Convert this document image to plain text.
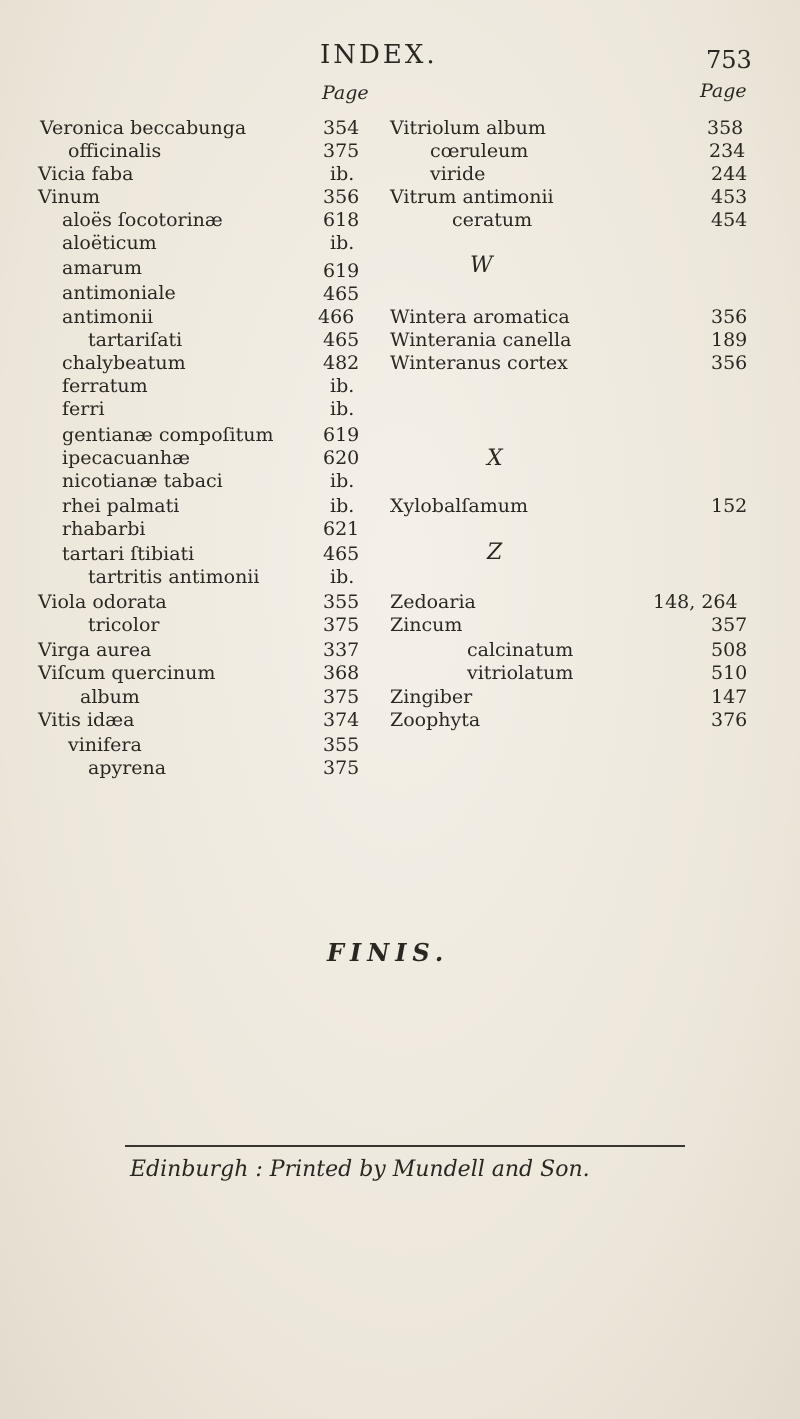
INDEX.	753
Page
Veronica beccabunga	354
officinalis	375
Vicia faba	ib.
Vinum	356
aloës ſocotorinæ	618
aloëticum	ib.
amarum	619
antimoniale	465
antimonii	466
tartariſati	465
chalybeatum	482
ferratum	ib.
ferri	ib.
gentianæ compoſitum	619
ipecacuanhæ	620
nicotianæ tabaci	ib.
rhei palmati	ib.
rhabarbi	621
tartari ſtibiati	465
tartritis antimonii	ib.
Viola odorata	355
tricolor	375
Virga aurea	337
Viſcum quercinum	368
album	375
Vitis idæa	374
vinifera	355
apyrena	375
Page
Vitriolum album	358
cœruleum	234
viride	244
Vitrum antimonii	453
ceratum	454
W
Wintera aromatica	356
Winterania canella	189
Winteranus cortex	356
X
Xylobalſamum	152
Z
Zedoaria	148, 264
Zincum	357
calcinatum	508
vitriolatum	510
Zingiber	147
Zoophyta	376
FINIS.
Edinburgh : Printed by Mundell and Son.
